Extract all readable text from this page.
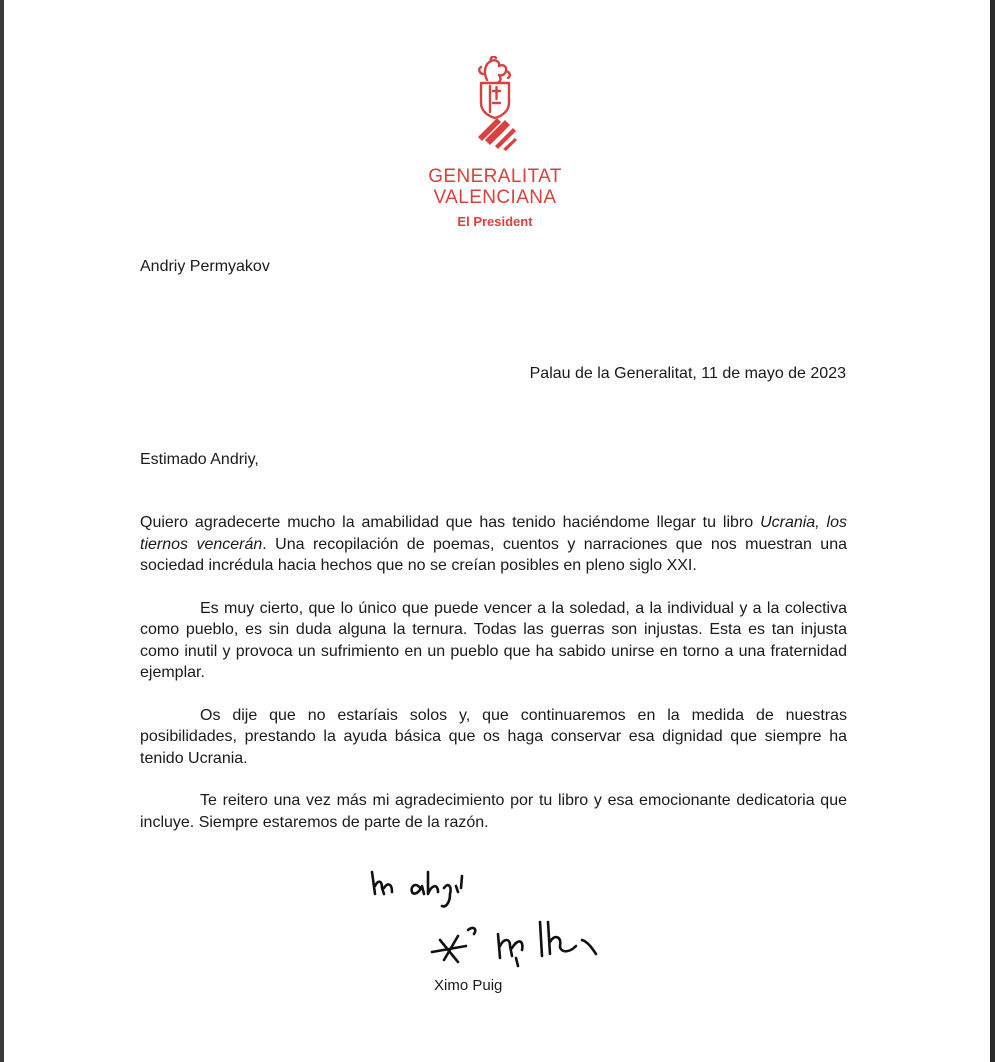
GENERALITAT
VALENCIANA
El President
Andriy Permyakov
Palau de la Generalitat, 11 de mayo de 2023
Estimado Andriy,

Quiero agradecerte mucho la amabilidad que has tenido haciéndome llegar tu libro Ucrania, los tiernos vencerán. Una recopilación de poemas, cuentos y narraciones que nos muestran una sociedad incrédula hacia hechos que no se creían posibles en pleno siglo XXI.

Es muy cierto, que lo único que puede vencer a la soledad, a la individual y a la colectiva como pueblo, es sin duda alguna la ternura. Todas las guerras son injustas. Esta es tan injusta como inutil y provoca un sufrimiento en un pueblo que ha sabido unirse en torno a una fraternidad ejemplar.

Os dije que no estaríais solos y, que continuaremos en la medida de nuestras posibilidades, prestando la ayuda básica que os haga conservar esa dignidad que siempre ha tenido Ucrania.

Te reitero una vez más mi agradecimiento por tu libro y esa emocionante dedicatoria que incluye. Siempre estaremos de parte de la razón.

Ximo Puig
